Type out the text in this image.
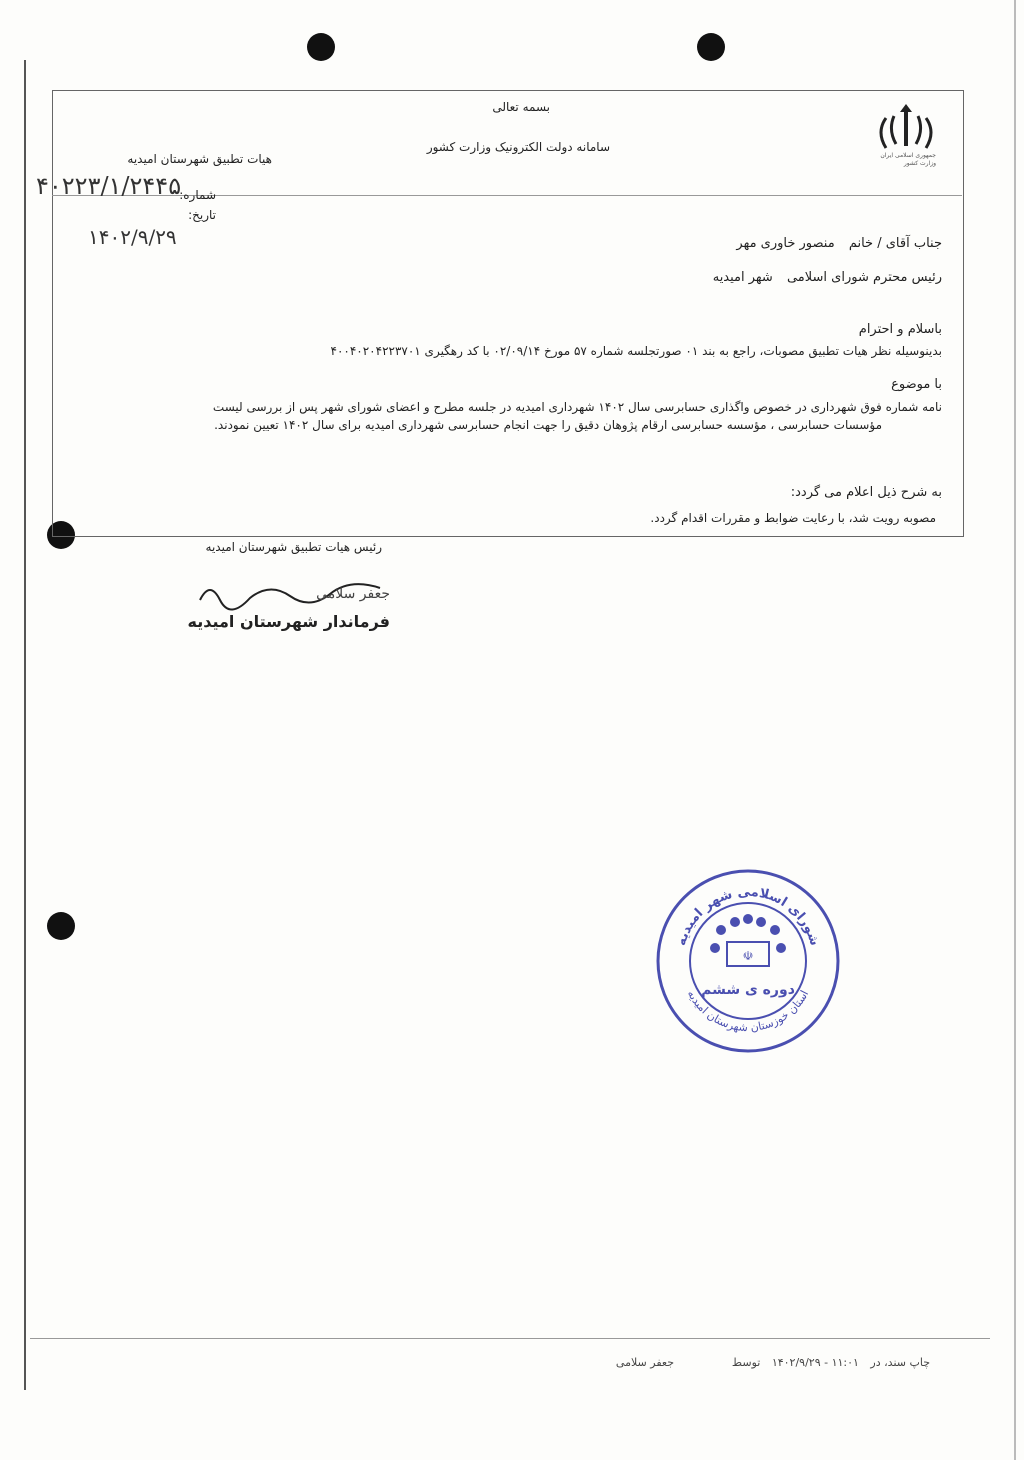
جمهوری اسلامی ایران وزارت کشور
بسمه تعالی
سامانه دولت الکترونیک وزارت کشور
هیات تطبیق شهرستان امیدیه
شماره:
۴۰۲۲۳/۱/۲۴۴۵
تاریخ:
۱۴۰۲/۹/۲۹	جناب آقای / خانم منصور خاوری مهر
رئیس محترم شورای اسلامی شهر امیدیه
باسلام و احترام
بدینوسیله نظر هیات تطبیق مصوبات، راجع به بند ۰۱ صورتجلسه شماره ۵۷ مورخ ۰۲/۰۹/۱۴ با کد رهگیری ۴۰۰۴۰۲۰۴۲۲۳۷۰۱
با موضوع
نامه شماره فوق شهرداری در خصوص واگذاری حسابرسی سال ۱۴۰۲ شهرداری امیدیه در جلسه مطرح و اعضای شورای شهر پس از بررسی لیست
مؤسسات حسابرسی ، مؤسسه حسابرسی ارقام پژوهان دقیق را جهت انجام حسابرسی شهرداری امیدیه برای سال ۱۴۰۲ تعیین نمودند.
به شرح ذیل اعلام می گردد:
مصوبه رویت شد، با رعایت ضوابط و مقررات اقدام گردد.
رئیس هیات تطبیق شهرستان امیدیه
جعفر سلامی
فرماندار شهرستان امیدیه
شورای اسلامی شهر امیدیه
استان خوزستان شهرستان امیدیه
☫
دوره ی ششم
چاپ سند، در ۱۱:۰۱ - ۱۴۰۲/۹/۲۹ توسط
جعفر سلامی
